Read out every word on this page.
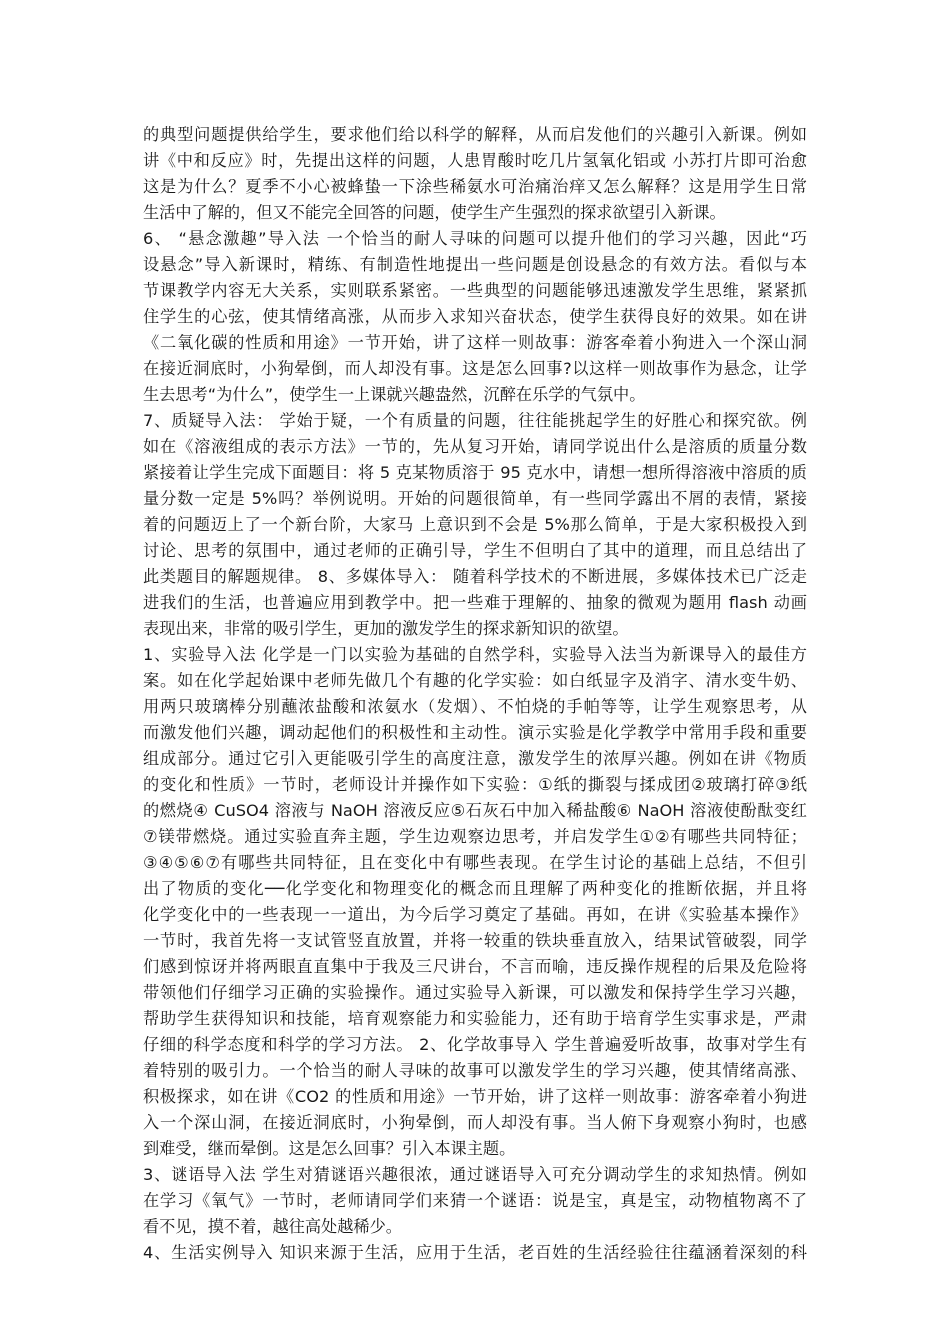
的典型问题提供给学生，要求他们给以科学的解释，从而启发他们的兴趣引入新课。例如
讲《中和反应》时，先提出这样的问题，人患胃酸时吃几片氢氧化铝或 小苏打片即可治愈
这是为什么？夏季不小心被蜂蛰一下涂些稀氨水可治痛治痒又怎么解释？这是用学生日常
生活中了解的，但又不能完全回答的问题，使学生产生强烈的探求欲望引入新课。
6、 “悬念激趣”导入法 一个恰当的耐人寻味的问题可以提升他们的学习兴趣，因此“巧
设悬念”导入新课时，精练、有制造性地提出一些问题是创设悬念的有效方法。看似与本
节课教学内容无大关系，实则联系紧密。一些典型的问题能够迅速激发学生思维，紧紧抓
住学生的心弦，使其情绪高涨，从而步入求知兴奋状态，使学生获得良好的效果。如在讲
《二氧化碳的性质和用途》一节开始，讲了这样一则故事：游客牵着小狗进入一个深山洞
在接近洞底时，小狗晕倒，而人却没有事。这是怎么回事?以这样一则故事作为悬念，让学
生去思考“为什么”，使学生一上课就兴趣盎然，沉醉在乐学的气氛中。
7、质疑导入法： 学始于疑，一个有质量的问题，往往能挑起学生的好胜心和探究欲。例
如在《溶液组成的表示方法》一节的，先从复习开始，请同学说出什么是溶质的质量分数
紧接着让学生完成下面题目：将 5 克某物质溶于 95 克水中，请想一想所得溶液中溶质的质
量分数一定是 5%吗？举例说明。开始的问题很简单，有一些同学露出不屑的表情，紧接
着的问题迈上了一个新台阶，大家马 上意识到不会是 5%那么简单，于是大家积极投入到
讨论、思考的氛围中，通过老师的正确引导，学生不但明白了其中的道理，而且总结出了
此类题目的解题规律。 8、多媒体导入： 随着科学技术的不断进展，多媒体技术已广泛走
进我们的生活，也普遍应用到教学中。把一些难于理解的、抽象的微观为题用 flash 动画
表现出来，非常的吸引学生，更加的激发学生的探求新知识的欲望。
1、实验导入法 化学是一门以实验为基础的自然学科，实验导入法当为新课导入的最佳方
案。如在化学起始课中老师先做几个有趣的化学实验：如白纸显字及消字、清水变牛奶、
用两只玻璃棒分别蘸浓盐酸和浓氨水（发烟）、不怕烧的手帕等等，让学生观察思考，从
而激发他们兴趣，调动起他们的积极性和主动性。演示实验是化学教学中常用手段和重要
组成部分。通过它引入更能吸引学生的高度注意，激发学生的浓厚兴趣。例如在讲《物质
的变化和性质》一节时，老师设计并操作如下实验：①纸的撕裂与揉成团②玻璃打碎③纸
的燃烧④ CuSO4 溶液与 NaOH 溶液反应⑤石灰石中加入稀盐酸⑥ NaOH 溶液使酚酞变红
⑦镁带燃烧。通过实验直奔主题，学生边观察边思考，并启发学生①②有哪些共同特征；
③④⑤⑥⑦有哪些共同特征，且在变化中有哪些表现。在学生讨论的基础上总结，不但引
出了物质的变化──化学变化和物理变化的概念而且理解了两种变化的推断依据，并且将
化学变化中的一些表现一一道出，为今后学习奠定了基础。再如，在讲《实验基本操作》
一节时，我首先将一支试管竖直放置，并将一较重的铁块垂直放入，结果试管破裂，同学
们感到惊讶并将两眼直直集中于我及三尺讲台，不言而喻，违反操作规程的后果及危险将
带领他们仔细学习正确的实验操作。通过实验导入新课，可以激发和保持学生学习兴趣，
帮助学生获得知识和技能，培育观察能力和实验能力，还有助于培育学生实事求是，严肃
仔细的科学态度和科学的学习方法。 2、化学故事导入 学生普遍爱听故事，故事对学生有
着特别的吸引力。一个恰当的耐人寻味的故事可以激发学生的学习兴趣，使其情绪高涨、
积极探求，如在讲《CO2 的性质和用途》一节开始，讲了这样一则故事：游客牵着小狗进
入一个深山洞，在接近洞底时，小狗晕倒，而人却没有事。当人俯下身观察小狗时，也感
到难受，继而晕倒。这是怎么回事？引入本课主题。
3、谜语导入法 学生对猜谜语兴趣很浓，通过谜语导入可充分调动学生的求知热情。例如
在学习《氧气》一节时，老师请同学们来猜一个谜语：说是宝，真是宝，动物植物离不了
看不见，摸不着，越往高处越稀少。
4、生活实例导入 知识来源于生活，应用于生活，老百姓的生活经验往往蕴涵着深刻的科
